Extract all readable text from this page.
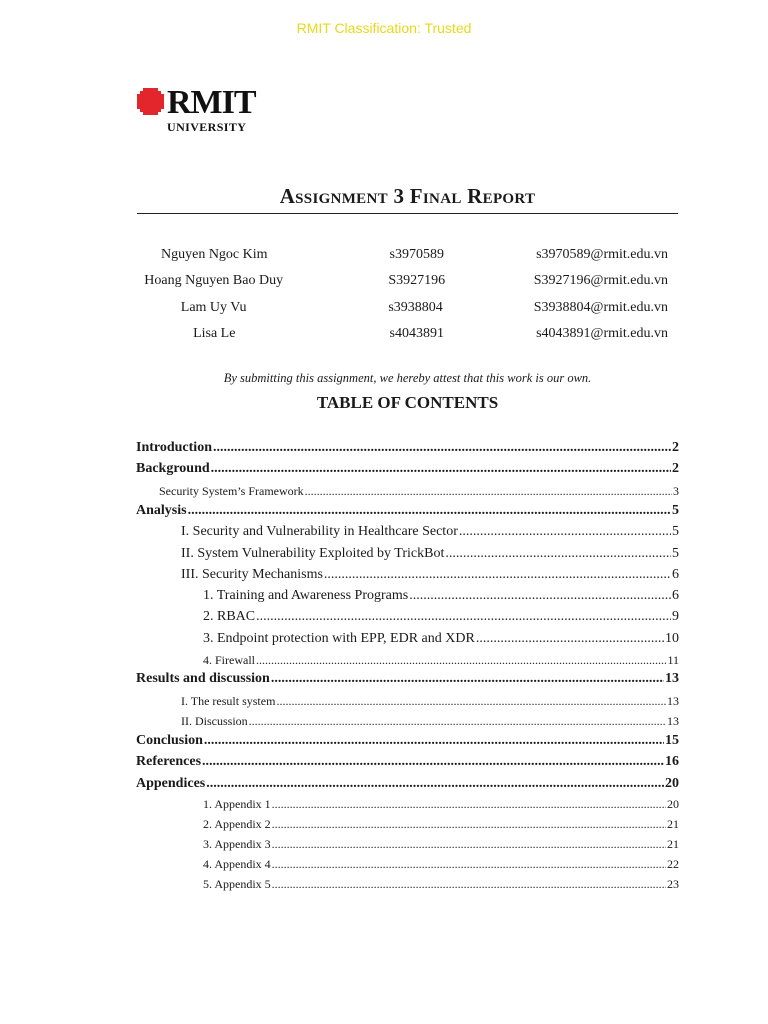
RMIT Classification: Trusted
RMIT
UNIVERSITY
Assignment 3 Final Report
Nguyen Ngoc Kim	s3970589	s3970589@rmit.edu.vn
Hoang Nguyen Bao Duy	S3927196	S3927196@rmit.edu.vn
Lam Uy Vu	s3938804	S3938804@rmit.edu.vn
Lisa Le	s4043891	s4043891@rmit.edu.vn
By submitting this assignment, we hereby attest that this work is our own.
TABLE OF CONTENTS
Introduction .....	2
Background .....	2
Security System’s Framework .....	3
Analysis .....	5
I. Security and Vulnerability in Healthcare Sector .....	5
II. System Vulnerability Exploited by TrickBot .....	5
III. Security Mechanisms .....	6
1. Training and Awareness Programs .....	6
2. RBAC .....	9
3. Endpoint protection with EPP, EDR and XDR .....	10
4. Firewall .....	11
Results and discussion .....	13
I. The result system .....	13
II. Discussion .....	13
Conclusion .....	15
References .....	16
Appendices .....	20
1. Appendix 1 .....	20
2. Appendix 2 .....	21
3. Appendix 3 .....	21
4. Appendix 4 .....	22
5. Appendix 5 .....	23
